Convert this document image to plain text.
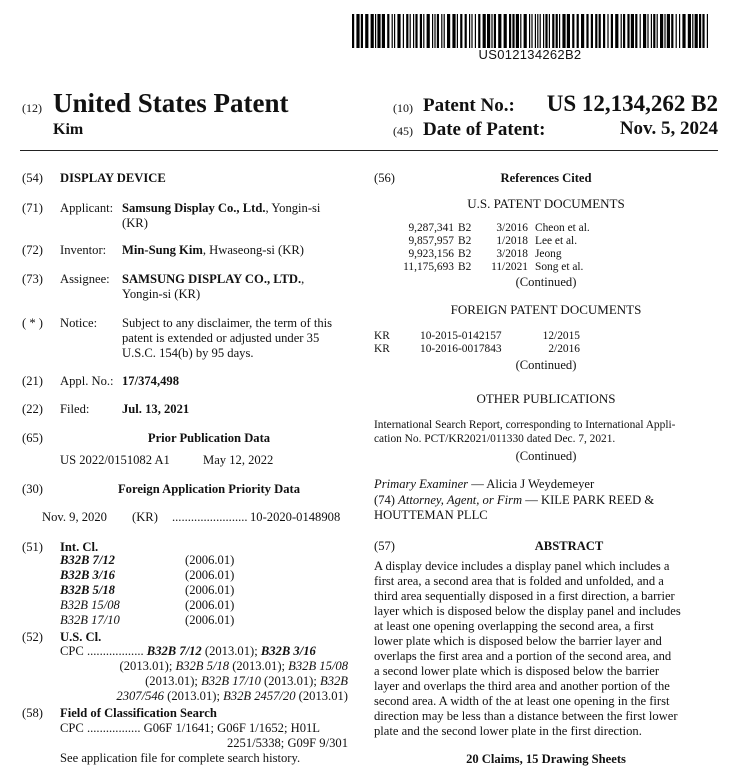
US012134262B2
(12) United States Patent
Kim
(10) Patent No.:	US 12,134,262 B2
(45) Date of Patent:	Nov. 5, 2024
(54) DISPLAY DEVICE
(71) Applicant: Samsung Display Co., Ltd., Yongin-si
(KR)
(72) Inventor: Min-Sung Kim, Hwaseong-si (KR)
(73) Assignee: SAMSUNG DISPLAY CO., LTD.,
Yongin-si (KR)
( * ) Notice: Subject to any disclaimer, the term of this
patent is extended or adjusted under 35
U.S.C. 154(b) by 95 days.
(21) Appl. No.: 17/374,498
(22) Filed:	Jul. 13, 2021
(65)	Prior Publication Data
US 2022/0151082 A1	May 12, 2022
(30)	Foreign Application Priority Data
Nov. 9, 2020 (KR) ........................ 10-2020-0148908
(51) Int. Cl.
B32B 7/12	(2006.01)
B32B 3/16	(2006.01)
B32B 5/18	(2006.01)
B32B 15/08	(2006.01)
B32B 17/10	(2006.01)
(52) U.S. Cl.
CPC .................. B32B 7/12 (2013.01); B32B 3/16
(2013.01); B32B 5/18 (2013.01); B32B 15/08
(2013.01); B32B 17/10 (2013.01); B32B
2307/546 (2013.01); B32B 2457/20 (2013.01)
(58) Field of Classification Search
CPC ................. G06F 1/1641; G06F 1/1652; H01L
2251/5338; G09F 9/301
See application file for complete search history.
(56)	References Cited
U.S. PATENT DOCUMENTS
9,287,341 B2	3/2016 Cheon et al.
9,857,957 B2	1/2018 Lee et al.
9,923,156 B2	3/2018 Jeong
11,175,693 B2	11/2021 Song et al.
(Continued)
FOREIGN PATENT DOCUMENTS
KR	10-2015-0142157	12/2015
KR	10-2016-0017843	2/2016
(Continued)
OTHER PUBLICATIONS
International Search Report, corresponding to International Appli-
cation No. PCT/KR2021/011330 dated Dec. 7, 2021.
(Continued)
Primary Examiner — Alicia J Weydemeyer
(74) Attorney, Agent, or Firm — KILE PARK REED &
HOUTTEMAN PLLC
(57)	ABSTRACT
A display device includes a display panel which includes a
first area, a second area that is folded and unfolded, and a
third area sequentially disposed in a first direction, a barrier
layer which is disposed below the display panel and includes
at least one opening overlapping the second area, a first
lower plate which is disposed below the barrier layer and
overlaps the first area and a portion of the second area, and
a second lower plate which is disposed below the barrier
layer and overlaps the third area and another portion of the
second area. A width of the at least one opening in the first
direction may be less than a distance between the first lower
plate and the second lower plate in the first direction.
20 Claims, 15 Drawing Sheets
